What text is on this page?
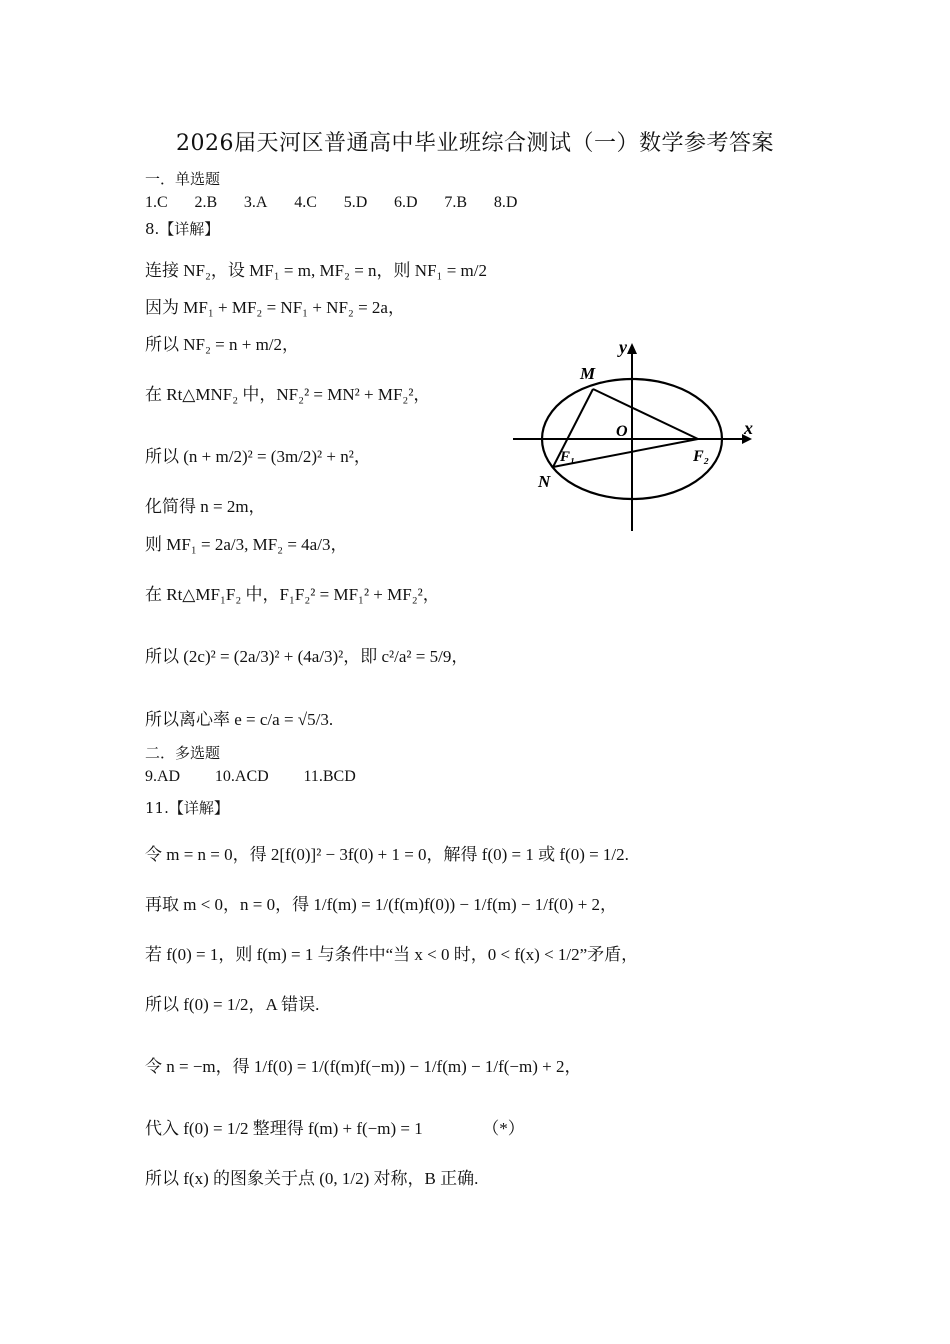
2026届天河区普通高中毕业班综合测试（一）数学参考答案
一．单选题
1.C 2.B 3.A 4.C 5.D 6.D 7.B 8.D
8.【详解】
连接 NF₂，设 MF₁ = m, MF₂ = n，则 NF₁ = m/2
因为 MF₁ + MF₂ = NF₁ + NF₂ = 2a，
所以 NF₂ = n + m/2，
在 Rt△MNF₂ 中，NF₂² = MN² + MF₂²，
所以 (n + m/2)² = (3m/2)² + n²，
化简得 n = 2m，
则 MF₁ = 2a/3, MF₂ = 4a/3，
在 Rt△MF₁F₂ 中，F₁F₂² = MF₁² + MF₂²，
所以 (2c)² = (2a/3)² + (4a/3)²，即 c²/a² = 5/9，
所以离心率 e = c/a = √5/3.
y
x
M
O
F₁	F₂
N
二．多选题
9.AD 10.ACD 11.BCD
11.【详解】
令 m = n = 0，得 2[f(0)]² − 3f(0) + 1 = 0，解得 f(0) = 1 或 f(0) = 1/2.
再取 m < 0，n = 0，得 1/f(m) = 1/(f(m)f(0)) − 1/f(m) − 1/f(0) + 2，
若 f(0) = 1，则 f(m) = 1 与条件中“当 x < 0 时，0 < f(x) < 1/2”矛盾，
所以 f(0) = 1/2，A 错误.
令 n = −m，得 1/f(0) = 1/(f(m)f(−m)) − 1/f(m) − 1/f(−m) + 2，
代入 f(0) = 1/2 整理得 f(m) + f(−m) = 1　　　　（*）
所以 f(x) 的图象关于点 (0, 1/2) 对称，B 正确.
